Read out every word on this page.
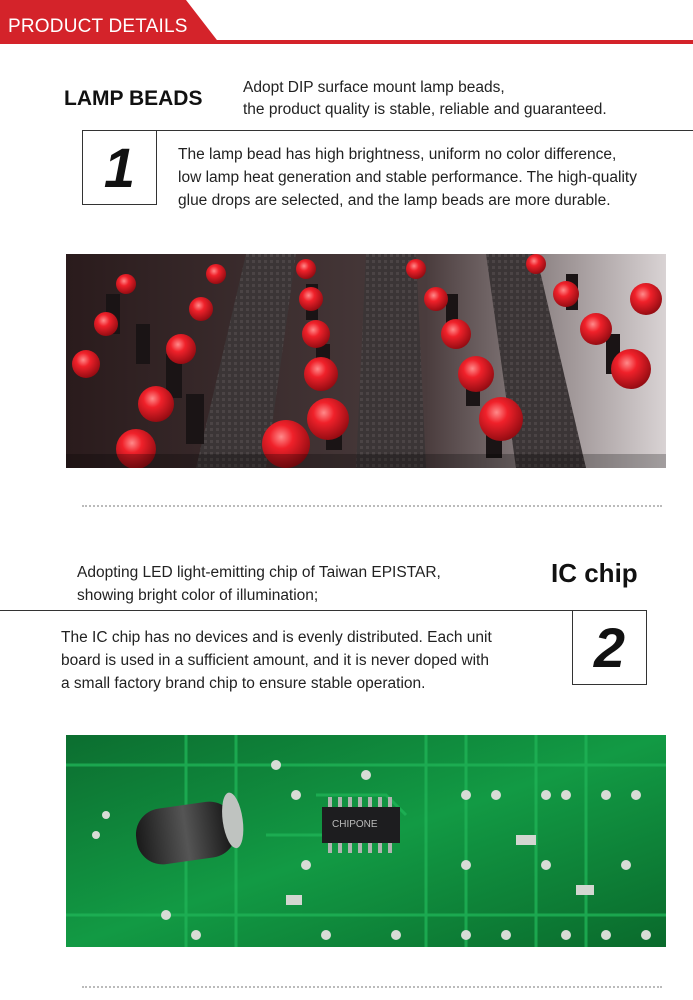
PRODUCT DETAILS
LAMP BEADS	Adopt DIP surface mount lamp beads,
the product quality is stable, reliable and guaranteed.
1	The lamp bead has high brightness, uniform no color difference,
low lamp heat generation and stable performance. The high-quality
glue drops are selected, and the lamp beads are more durable.
Adopting LED light-emitting chip of Taiwan EPISTAR,
showing bright color of illumination;
IC chip
2
The IC chip has no devices and is evenly distributed. Each unit
board is used in a sufficient amount, and it is never doped with
a small factory brand chip to ensure stable operation.
CHIPONE
